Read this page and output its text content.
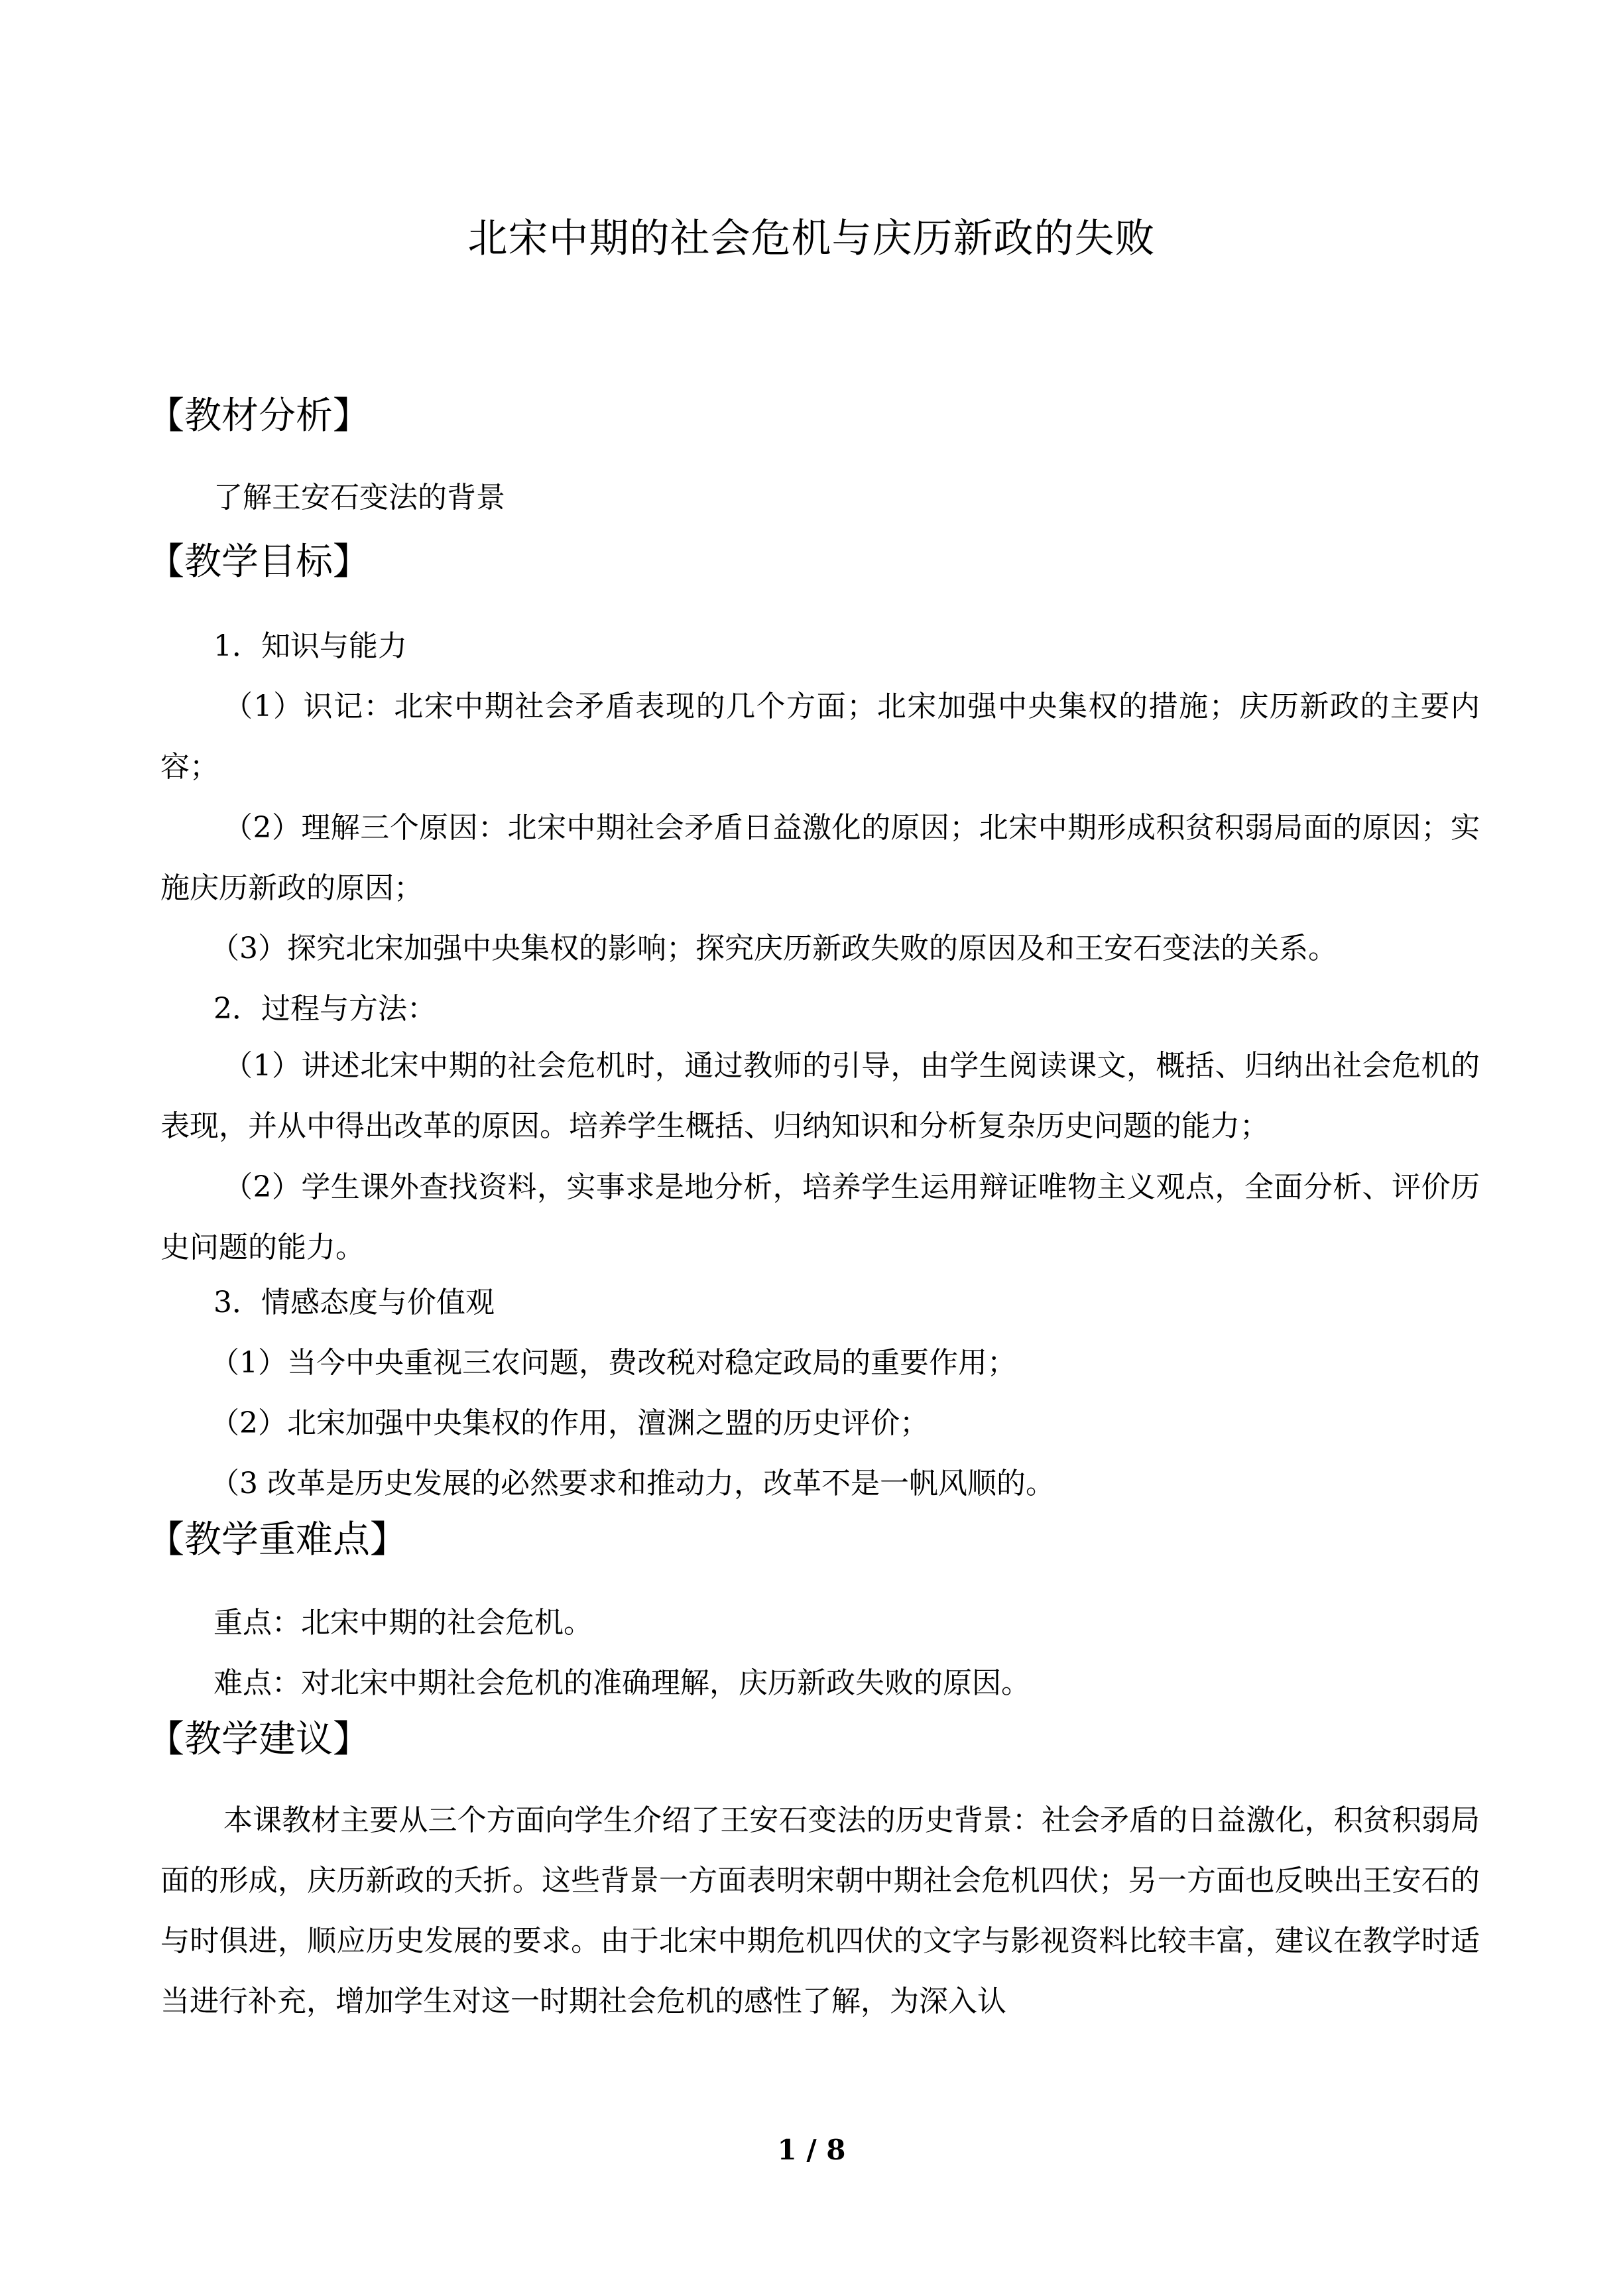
北宋中期的社会危机与庆历新政的失败
【教材分析】
了解王安石变法的背景
【教学目标】
1．知识与能力
（1）识记：北宋中期社会矛盾表现的几个方面；北宋加强中央集权的措施；庆历新政的主要内容；
（2）理解三个原因：北宋中期社会矛盾日益激化的原因；北宋中期形成积贫积弱局面的原因；实施庆历新政的原因；
（3）探究北宋加强中央集权的影响；探究庆历新政失败的原因及和王安石变法的关系。
2．过程与方法：
（1）讲述北宋中期的社会危机时，通过教师的引导，由学生阅读课文，概括、归纳出社会危机的表现，并从中得出改革的原因。培养学生概括、归纳知识和分析复杂历史问题的能力；
（2）学生课外查找资料，实事求是地分析，培养学生运用辩证唯物主义观点，全面分析、评价历史问题的能力。
3．情感态度与价值观
（1）当今中央重视三农问题，费改税对稳定政局的重要作用；
（2）北宋加强中央集权的作用，澶渊之盟的历史评价；
（3 改革是历史发展的必然要求和推动力，改革不是一帆风顺的。
【教学重难点】
重点：北宋中期的社会危机。
难点：对北宋中期社会危机的准确理解，庆历新政失败的原因。
【教学建议】
本课教材主要从三个方面向学生介绍了王安石变法的历史背景：社会矛盾的日益激化，积贫积弱局面的形成，庆历新政的夭折。这些背景一方面表明宋朝中期社会危机四伏；另一方面也反映出王安石的与时俱进，顺应历史发展的要求。由于北宋中期危机四伏的文字与影视资料比较丰富，建议在教学时适当进行补充，增加学生对这一时期社会危机的感性了解，为深入认
1 / 8
